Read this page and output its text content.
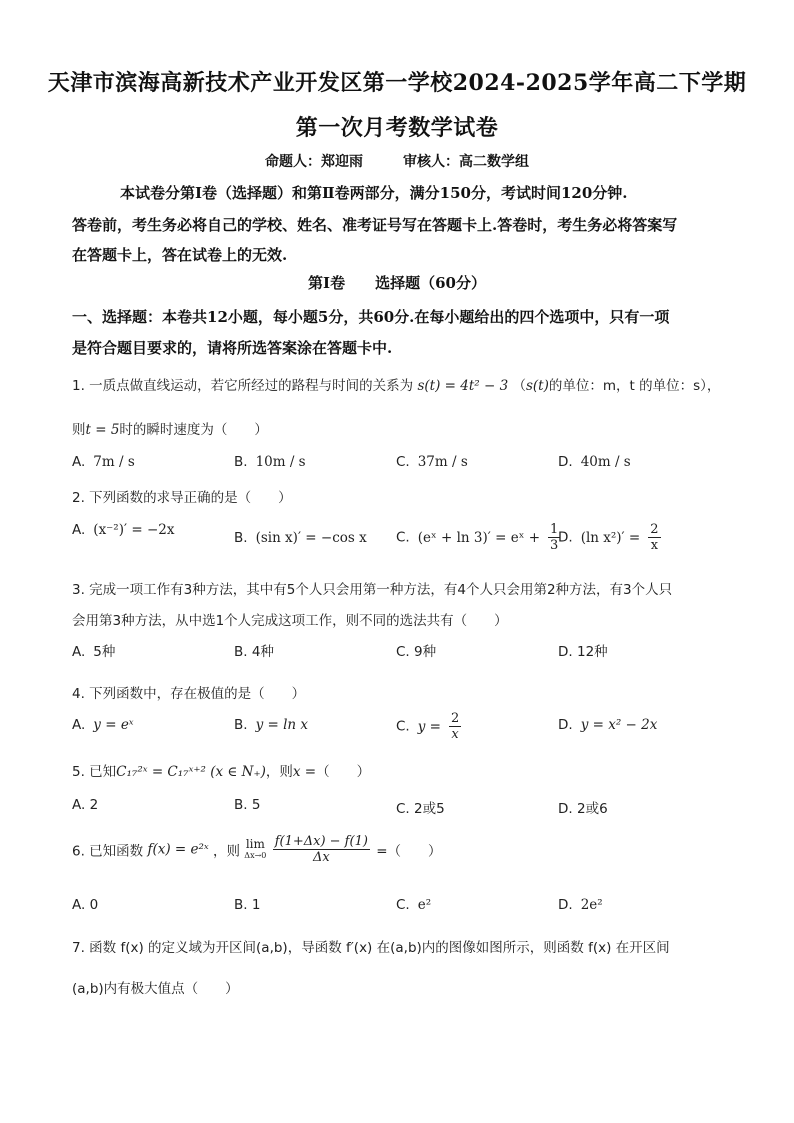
天津市滨海高新技术产业开发区第一学校2024-2025学年高二下学期
第一次月考数学试卷
命题人：郑迎雨	审核人：高二数学组
本试卷分第Ⅰ卷（选择题）和第Ⅱ卷两部分，满分150分，考试时间120分钟.
答卷前，考生务必将自己的学校、姓名、准考证号写在答题卡上.答卷时，考生务必将答案写
在答题卡上，答在试卷上的无效.
第Ⅰ卷 选择题（60分）
一、选择题：本卷共12小题，每小题5分，共60分.在每小题给出的四个选项中，只有一项
是符合题目要求的，请将所选答案涂在答题卡中.
1. 一质点做直线运动，若它所经过的路程与时间的关系为 s(t) = 4t² − 3 （s(t)的单位：m，t 的单位：s），
则t = 5时的瞬时速度为（　　）
A. 7m / s	B. 10m / s	C. 37m / s	D. 40m / s
2. 下列函数的求导正确的是（　　）
A. (x⁻²)′ = −2x	B. (sin x)′ = −cos x C. (eˣ + ln 3)′ = eˣ + $\frac{1}{3}$
D. (ln $x^2)' = \frac{2}{x}$
3. 完成一项工作有3种方法，其中有5个人只会用第一种方法，有4个人只会用第2种方法，有3个人只
会用第3种方法，从中选1个人完成这项工作，则不同的选法共有（　　）
A. 5种	B. 4种	C. 9种	D. 12种
4. 下列函数中，存在极值的是（　　）
A. y = eˣ	B. y = ln x	C. $y = \frac{2}{x}$	D. y = x² − 2x
5. 已知C₁₇²ˣ = C₁₇ˣ⁺² (x ∈ N₊)，则x =（　　）
A. 2	B. 5	C. 2或5	D. 2或6
6. 已知函数 f(x) = e²ˣ ，则 lim
Δx→0
$\frac{f(1+\Delta x) - f(1)}{\Delta x}$ =（　　）
A. 0	B. 1	C. e²	D. 2e²
7. 函数 f(x) 的定义域为开区间(a,b)，导函数 f′(x) 在(a,b)内的图像如图所示，则函数 f(x) 在开区间
(a,b)内有极大值点（　　）
